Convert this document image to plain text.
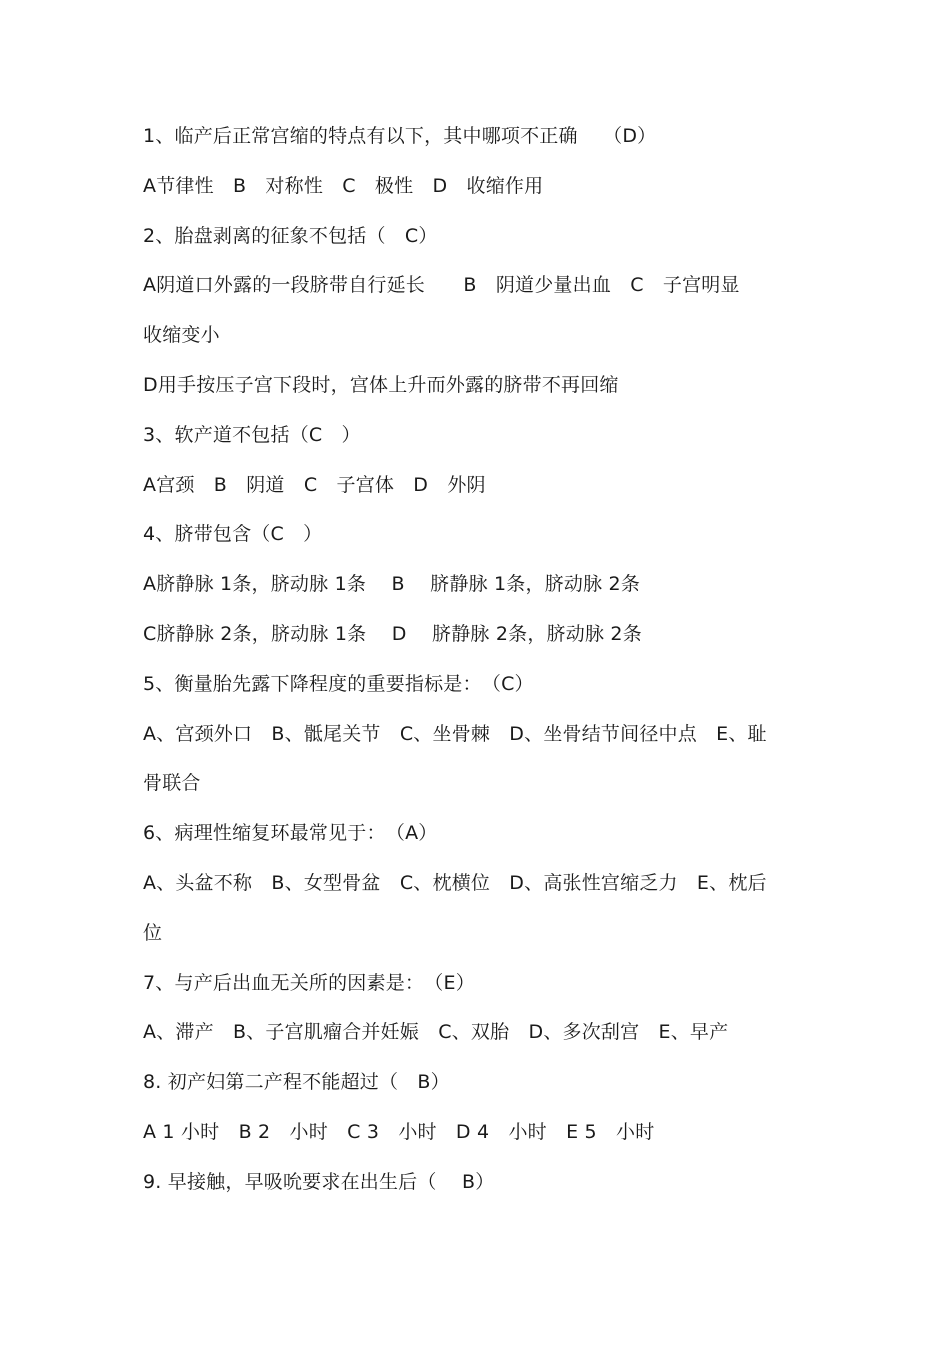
1、临产后正常宫缩的特点有以下，其中哪项不正确　 （D）
A节律性　B　对称性　C　极性　D　收缩作用
2、胎盘剥离的征象不包括（　C）
A阴道口外露的一段脐带自行延长　　B　阴道少量出血　C　子宫明显
收缩变小
D用手按压子宫下段时，宫体上升而外露的脐带不再回缩
3、软产道不包括（C　）
A宫颈　B　阴道　C　子宫体　D　外阴
4、脐带包含（C　）
A脐静脉 1条，脐动脉 1条　 B　 脐静脉 1条，脐动脉 2条
C脐静脉 2条，脐动脉 1条　 D　 脐静脉 2条，脐动脉 2条
5、衡量胎先露下降程度的重要指标是：　（C）
A、宫颈外口　B、骶尾关节　C、坐骨棘　D、坐骨结节间径中点　E、耻
骨联合
6、病理性缩复环最常见于：　（A）
A、头盆不称　B、女型骨盆　C、枕横位　D、高张性宫缩乏力　E、枕后
位
7、与产后出血无关所的因素是：　（E）
A、滞产　B、子宫肌瘤合并妊娠　C、双胎　D、多次刮宫　E、早产
8. 初产妇第二产程不能超过（　B）
A 1 小时　B 2　小时　C 3　小时　D 4　小时　E 5　小时
9. 早接触，早吸吮要求在出生后（　 B）
